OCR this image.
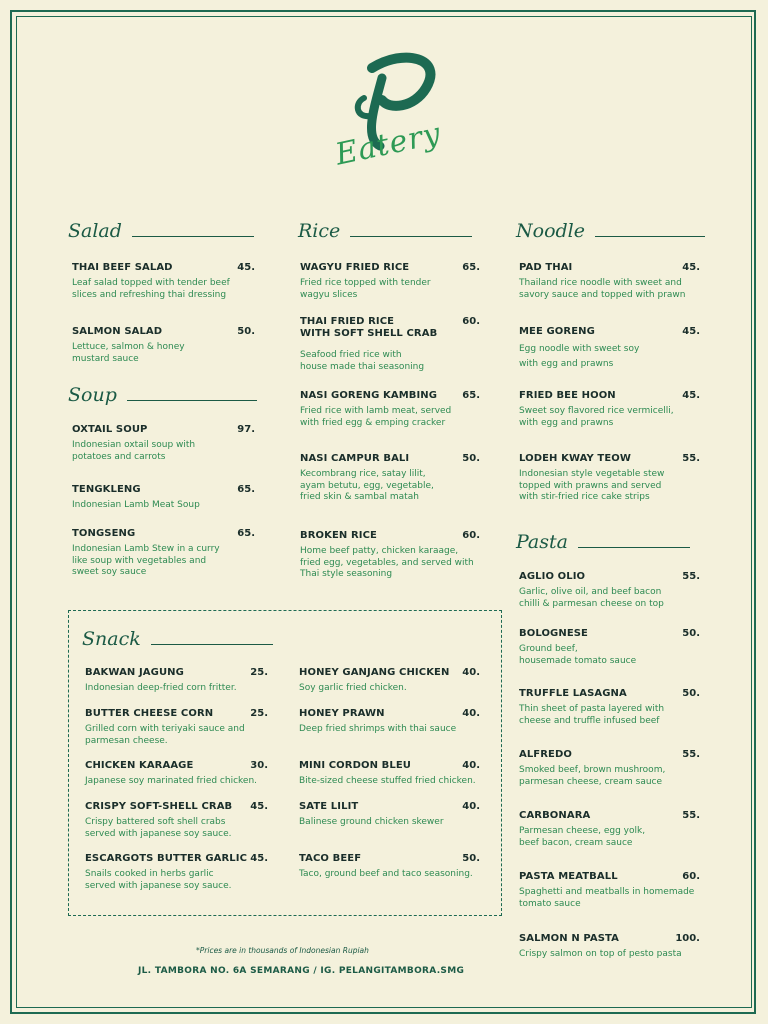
Eatery
Salad
THAI BEEF SALAD	45.
Leaf salad topped with tender beef
slices and refreshing thai dressing
SALMON SALAD	50.
Lettuce, salmon & honey
mustard sauce
Soup
OXTAIL SOUP	97.
Indonesian oxtail soup with
potatoes and carrots
TENGKLENG	65.
Indonesian Lamb Meat Soup
TONGSENG	65.
Indonesian Lamb Stew in a curry
like soup with vegetables and
sweet soy sauce
Rice
WAGYU FRIED RICE	65.
Fried rice topped with tender
wagyu slices
THAI FRIED RICE
WITH SOFT SHELL CRAB
60.
Seafood fried rice with
house made thai seasoning
NASI GORENG KAMBING	65.
Fried rice with lamb meat, served
with fried egg & emping cracker
NASI CAMPUR BALI	50.
Kecombrang rice, satay lilit,
ayam betutu, egg, vegetable,
fried skin & sambal matah
BROKEN RICE	60.
Home beef patty, chicken karaage,
fried egg, vegetables, and served with
Thai style seasoning
Noodle
PAD THAI	45.
Thailand rice noodle with sweet and
savory sauce and topped with prawn
MEE GORENG	45.
Egg noodle with sweet soy
with egg and prawns
FRIED BEE HOON	45.
Sweet soy flavored rice vermicelli,
with egg and prawns
LODEH KWAY TEOW	55.
Indonesian style vegetable stew
topped with prawns and served
with stir-fried rice cake strips
Pasta
AGLIO OLIO	55.
Garlic, olive oil, and beef bacon
chilli & parmesan cheese on top
BOLOGNESE	50.
Ground beef,
housemade tomato sauce
TRUFFLE LASAGNA	50.
Thin sheet of pasta layered with
cheese and truffle infused beef
ALFREDO	55.
Smoked beef, brown mushroom,
parmesan cheese, cream sauce
CARBONARA	55.
Parmesan cheese, egg yolk,
beef bacon, cream sauce
PASTA MEATBALL	60.
Spaghetti and meatballs in homemade
tomato sauce
SALMON N PASTA	100.
Crispy salmon on top of pesto pasta
Snack
BAKWAN JAGUNG	25.
Indonesian deep-fried corn fritter.
BUTTER CHEESE CORN	25.
Grilled corn with teriyaki sauce and
parmesan cheese.
CHICKEN KARAAGE	30.
Japanese soy marinated fried chicken.
CRISPY SOFT-SHELL CRAB 45.
Crispy battered soft shell crabs
served with japanese soy sauce.
ESCARGOTS BUTTER GARLIC 45.
Snails cooked in herbs garlic
served with japanese soy sauce.
HONEY GANJANG CHICKEN 40.
Soy garlic fried chicken.
HONEY PRAWN	40.
Deep fried shrimps with thai sauce
MINI CORDON BLEU	40.
Bite-sized cheese stuffed fried chicken.
SATE LILIT	40.
Balinese ground chicken skewer
TACO BEEF	50.
Taco, ground beef and taco seasoning.
*Prices are in thousands of Indonesian Rupiah
JL. TAMBORA NO. 6A SEMARANG / IG. PELANGITAMBORA.SMG
